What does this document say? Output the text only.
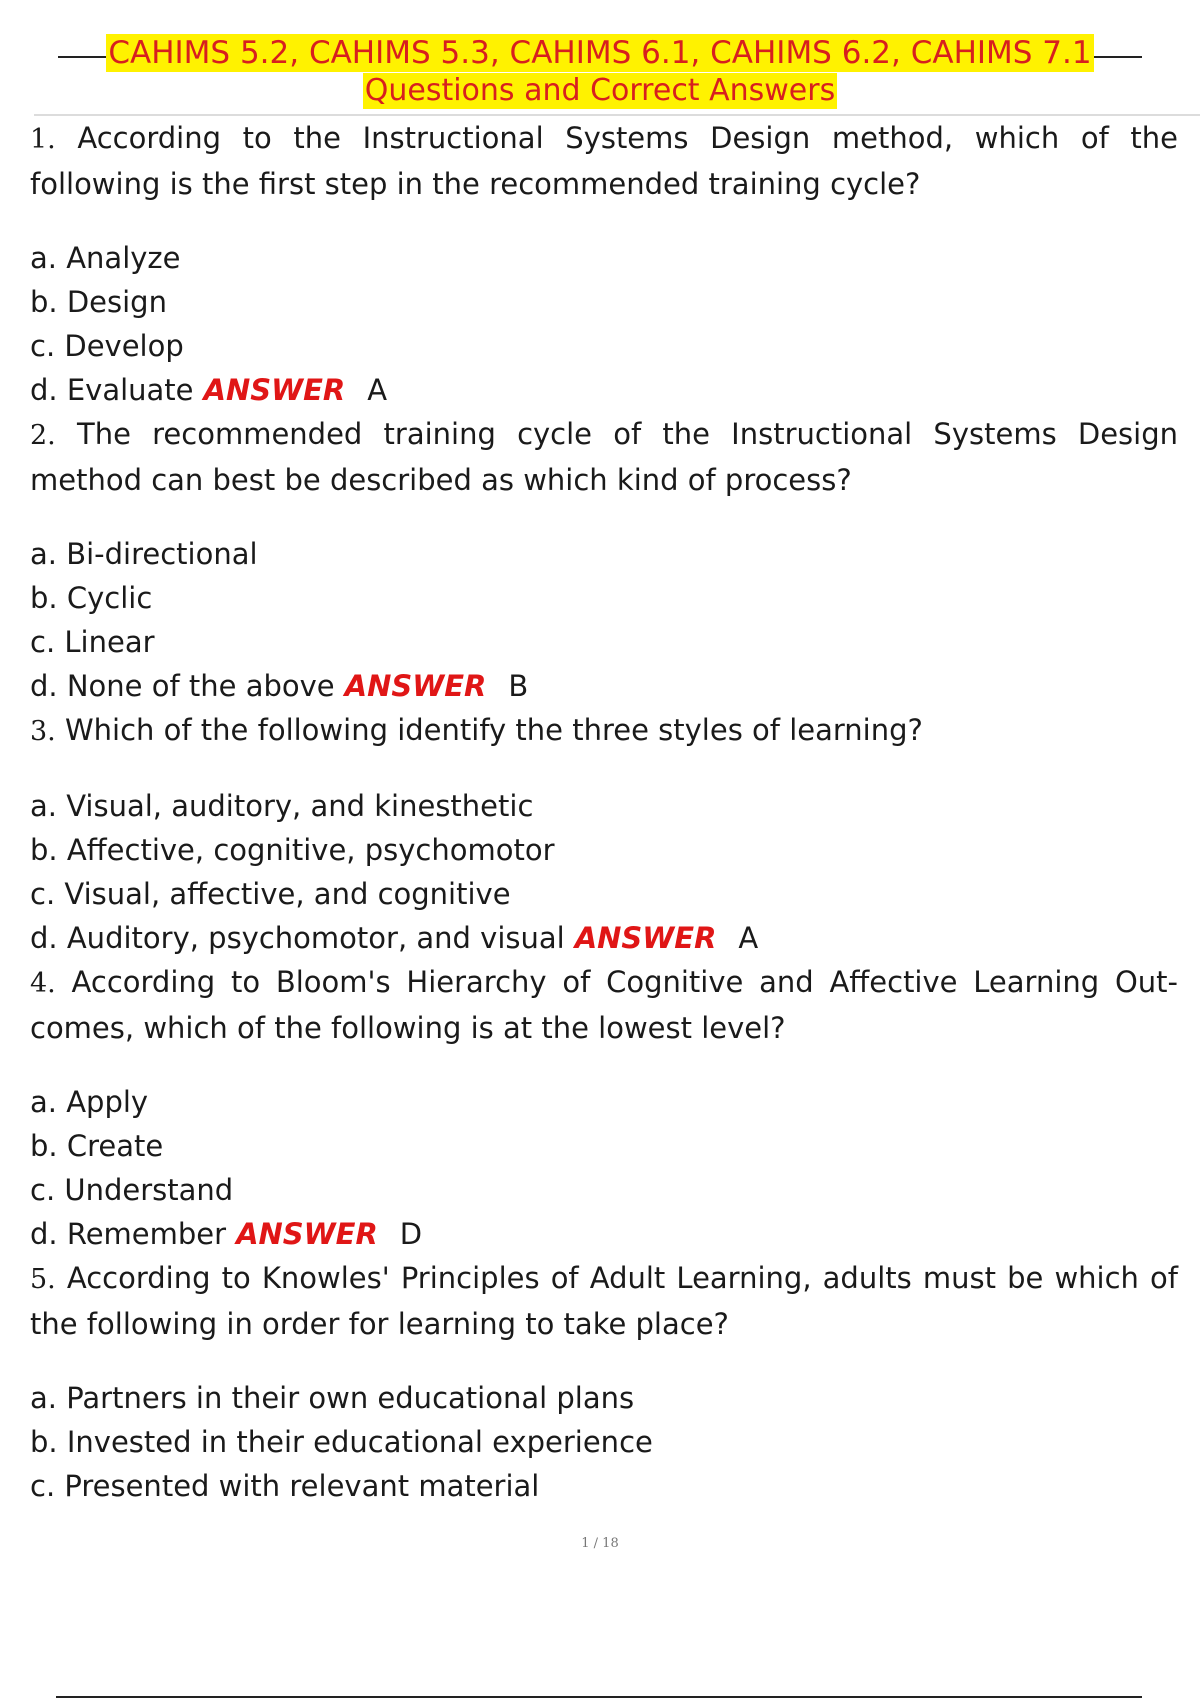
CAHIMS 5.2, CAHIMS 5.3, CAHIMS 6.1, CAHIMS 6.2, CAHIMS 7.1
Questions and Correct Answers

1. According to the Instructional Systems Design method, which of the following is the first step in the recommended training cycle?

a. Analyze

b. Design

c. Develop

d. Evaluate ANSWER A

2. The recommended training cycle of the Instructional Systems Design method can best be described as which kind of process?

a. Bi-directional

b. Cyclic

c. Linear

d. None of the above ANSWER B

3. Which of the following identify the three styles of learning?

a. Visual, auditory, and kinesthetic

b. Affective, cognitive, psychomotor

c. Visual, affective, and cognitive

d. Auditory, psychomotor, and visual ANSWER A

4. According to Bloom's Hierarchy of Cognitive and Affective Learning Out- comes, which of the following is at the lowest level?

a. Apply

b. Create

c. Understand

d. Remember ANSWER D

5. According to Knowles' Principles of Adult Learning, adults must be which of the following in order for learning to take place?

a. Partners in their own educational plans

b. Invested in their educational experience

c. Presented with relevant material

1 / 18
